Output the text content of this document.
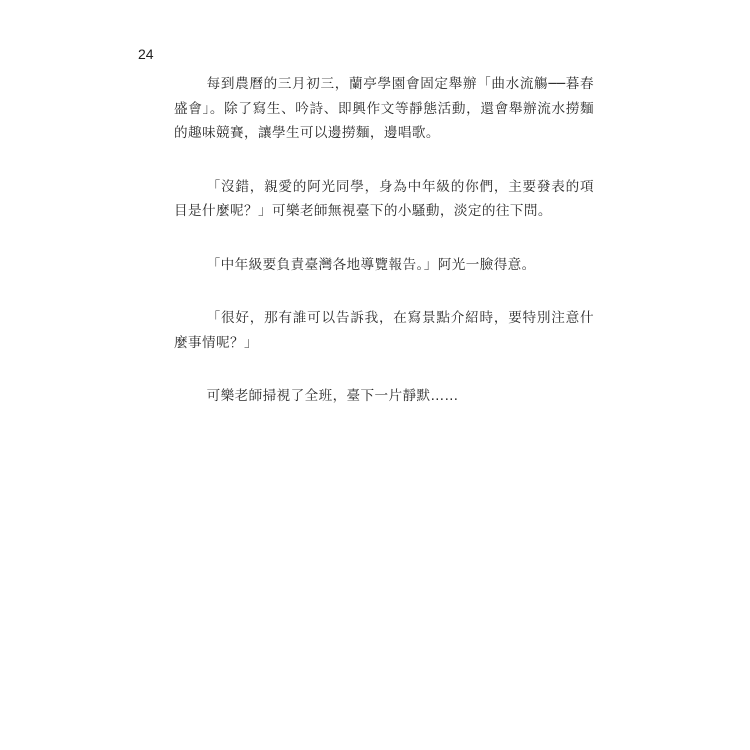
24

每到農曆的三月初三，蘭亭學園會固定舉辦「曲水流觴──暮春盛會」。除了寫生、吟詩、即興作文等靜態活動，還會舉辦流水撈麵的趣味競賽，讓學生可以邊撈麵，邊唱歌。

「沒錯，親愛的阿光同學，身為中年級的你們，主要發表的項目是什麼呢？」可樂老師無視臺下的小騷動，淡定的往下問。

「中年級要負責臺灣各地導覽報告。」阿光一臉得意。

「很好，那有誰可以告訴我，在寫景點介紹時，要特別注意什麼事情呢？」

可樂老師掃視了全班，臺下一片靜默……
